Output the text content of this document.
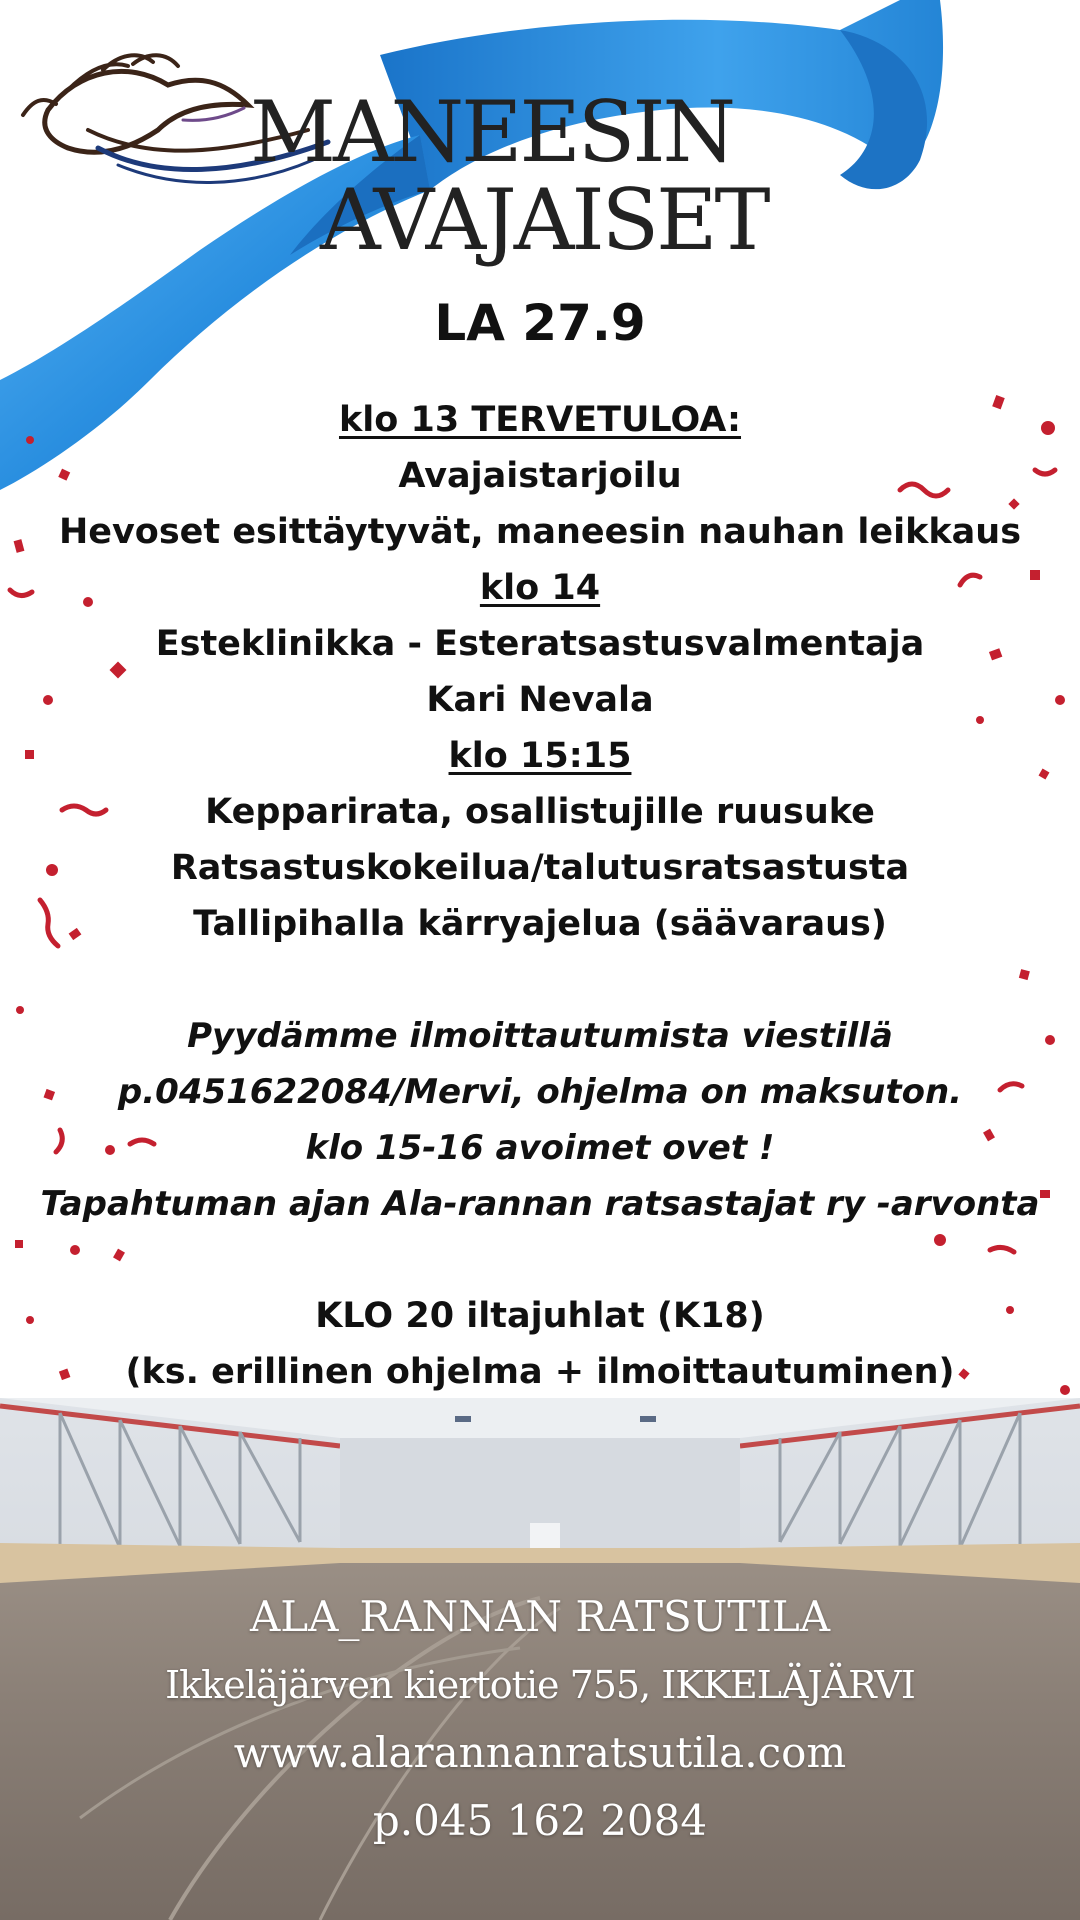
MANEESIN
AVAJAISET
LA 27.9
klo 13 TERVETULOA:
Avajaistarjoilu
Hevoset esittäytyvät, maneesin nauhan leikkaus
klo 14
Esteklinikka - Esteratsastusvalmentaja
Kari Nevala
klo 15:15
Kepparirata, osallistujille ruusuke
Ratsastuskokeilua/talutusratsastusta
Tallipihalla kärryajelua (säävaraus)
Pyydämme ilmoittautumista viestillä
p.0451622084/Mervi, ohjelma on maksuton.
klo 15-16 avoimet ovet !
Tapahtuman ajan Ala-rannan ratsastajat ry -arvonta
KLO 20 iltajuhlat (K18)
(ks. erillinen ohjelma + ilmoittautuminen)
ALA_RANNAN RATSUTILA
Ikkeläjärven kiertotie 755, IKKELÄJÄRVI
www.alarannanratsutila.com
p.045 162 2084
